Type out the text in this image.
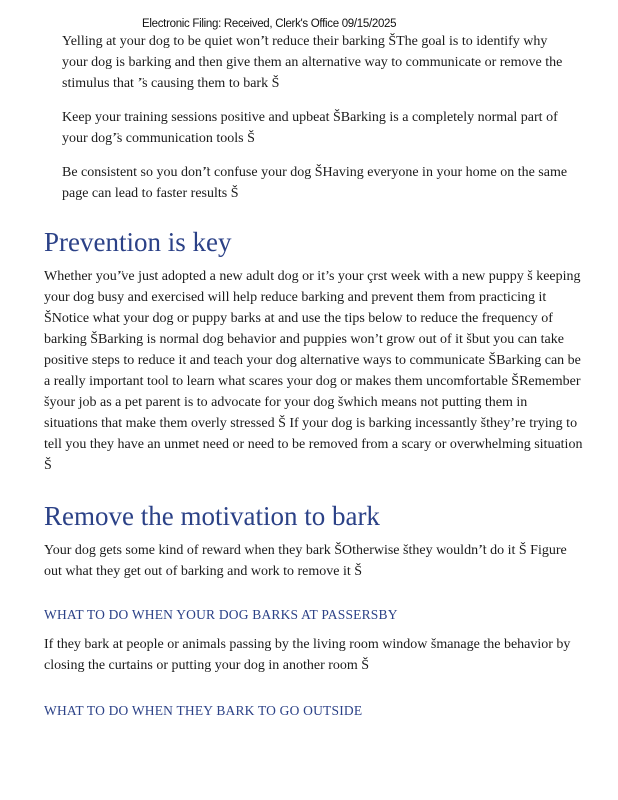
Electronic Filing: Received, Clerk's Office 09/15/2025

Yelling at your dog to be quiet wonʼ̈t reduce their barking ŠThe goal is to identify why your dog is barking and then give them an alternative way to communicate or remove the stimulus that ʼ̈s causing them to bark Š

Keep your training sessions positive and upbeat ŠBarking is a completely normal part of your dogʼ̈s communication tools Š

Be consistent so you donʼ̈t confuse your dog ŠHaving everyone in your home on the same page can lead to faster results Š

Prevention is key

Whether youʼ̈ve just adopted a new adult dog or it’s your çrst week with a new puppy š keeping your dog busy and exercised will help reduce barking and prevent them from practicing it ŠNotice what your dog or puppy barks at and use the tips below to reduce the frequency of barking ŠBarking is normal dog behavior and puppies won’t grow out of it šbut you can take positive steps to reduce it and teach your dog alternative ways to communicate ŠBarking can be a really important tool to learn what scares your dog or makes them uncomfortable ŠRemember šyour job as a pet parent is to advocate for your dog šwhich means not putting them in situations that make them overly stressed Š If your dog is barking incessantly šthey’re trying to tell you they have an unmet need or need to be removed from a scary or overwhelming situation Š

Remove the motivation to bark

Your dog gets some kind of reward when they bark ŠOtherwise šthey wouldnʼ̈t do it Š Figure out what they get out of barking and work to remove it Š

WHAT TO DO WHEN YOUR DOG BARKS AT PASSERSBY

If they bark at people or animals passing by the living room window šmanage the behavior by closing the curtains or putting your dog in another room Š

WHAT TO DO WHEN THEY BARK TO GO OUTSIDE
